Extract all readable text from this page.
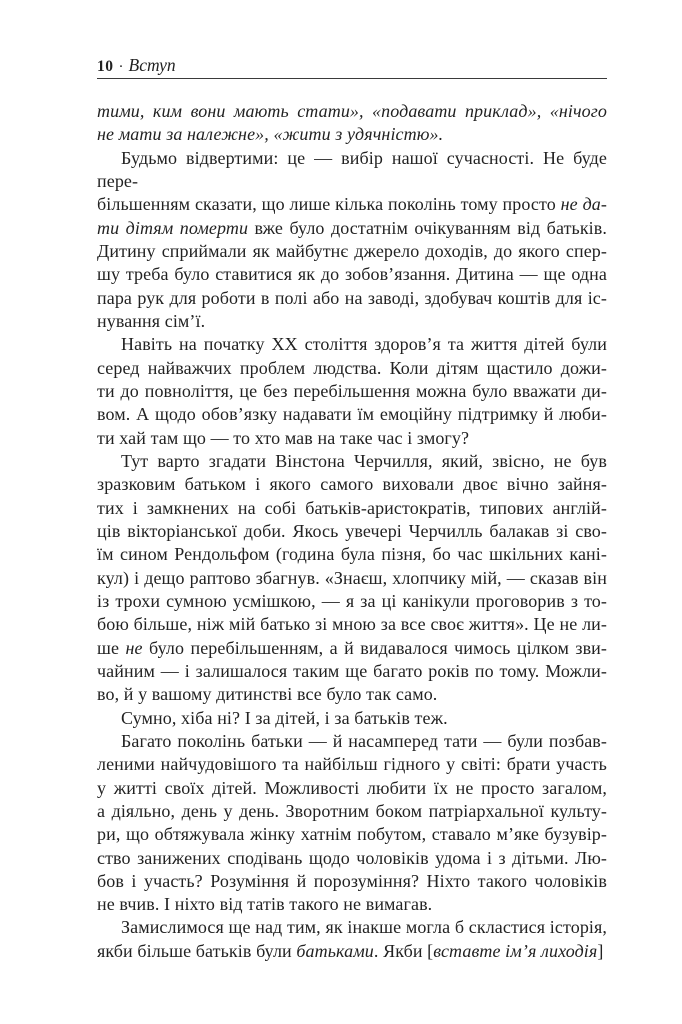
10 · Вступ
тими, ким вони мають стати», «подавати приклад», «нічого
не мати за належне», «жити з удячністю».
Будьмо відвертими: це — вибір нашої сучасності. Не буде пере-
більшенням сказати, що лише кілька поколінь тому просто не да-
ти дітям померти вже було достатнім очікуванням від батьків.
Дитину сприймали як майбутнє джерело доходів, до якого спер-
шу треба було ставитися як до зобов’язання. Дитина — ще одна
пара рук для роботи в полі або на заводі, здобувач коштів для іс-
нування сім’ї.
Навіть на початку XX століття здоров’я та життя дітей були
серед найважчих проблем людства. Коли дітям щастило дожи-
ти до повноліття, це без перебільшення можна було вважати ди-
вом. А щодо обов’язку надавати їм емоційну підтримку й люби-
ти хай там що — то хто мав на таке час і змогу?
Тут варто згадати Вінстона Черчилля, який, звісно, не був
зразковим батьком і якого самого виховали двоє вічно зайня-
тих і замкнених на собі батьків-аристократів, типових англій-
ців вікторіанської доби. Якось увечері Черчилль балакав зі сво-
їм сином Рендольфом (година була пізня, бо час шкільних кані-
кул) і дещо раптово збагнув. «Знаєш, хлопчику мій, — сказав він
із трохи сумною усмішкою, — я за ці канікули проговорив з то-
бою більше, ніж мій батько зі мною за все своє життя». Це не ли-
ше не було перебільшенням, а й видавалося чимось цілком зви-
чайним — і залишалося таким ще багато років по тому. Можли-
во, й у вашому дитинстві все було так само.
Сумно, хіба ні? І за дітей, і за батьків теж.
Багато поколінь батьки — й насамперед тати — були позбав-
леними найчудовішого та найбільш гідного у світі: брати участь
у житті своїх дітей. Можливості любити їх не просто загалом,
а діяльно, день у день. Зворотним боком патріархальної культу-
ри, що обтяжувала жінку хатнім побутом, ставало м’яке бузувір-
ство занижених сподівань щодо чоловіків удома і з дітьми. Лю-
бов і участь? Розуміння й порозуміння? Ніхто такого чоловіків
не вчив. І ніхто від татів такого не вимагав.
Замислимося ще над тим, як інакше могла б скластися історія,
якби більше батьків були батьками. Якби [вставте ім’я лиходія]
